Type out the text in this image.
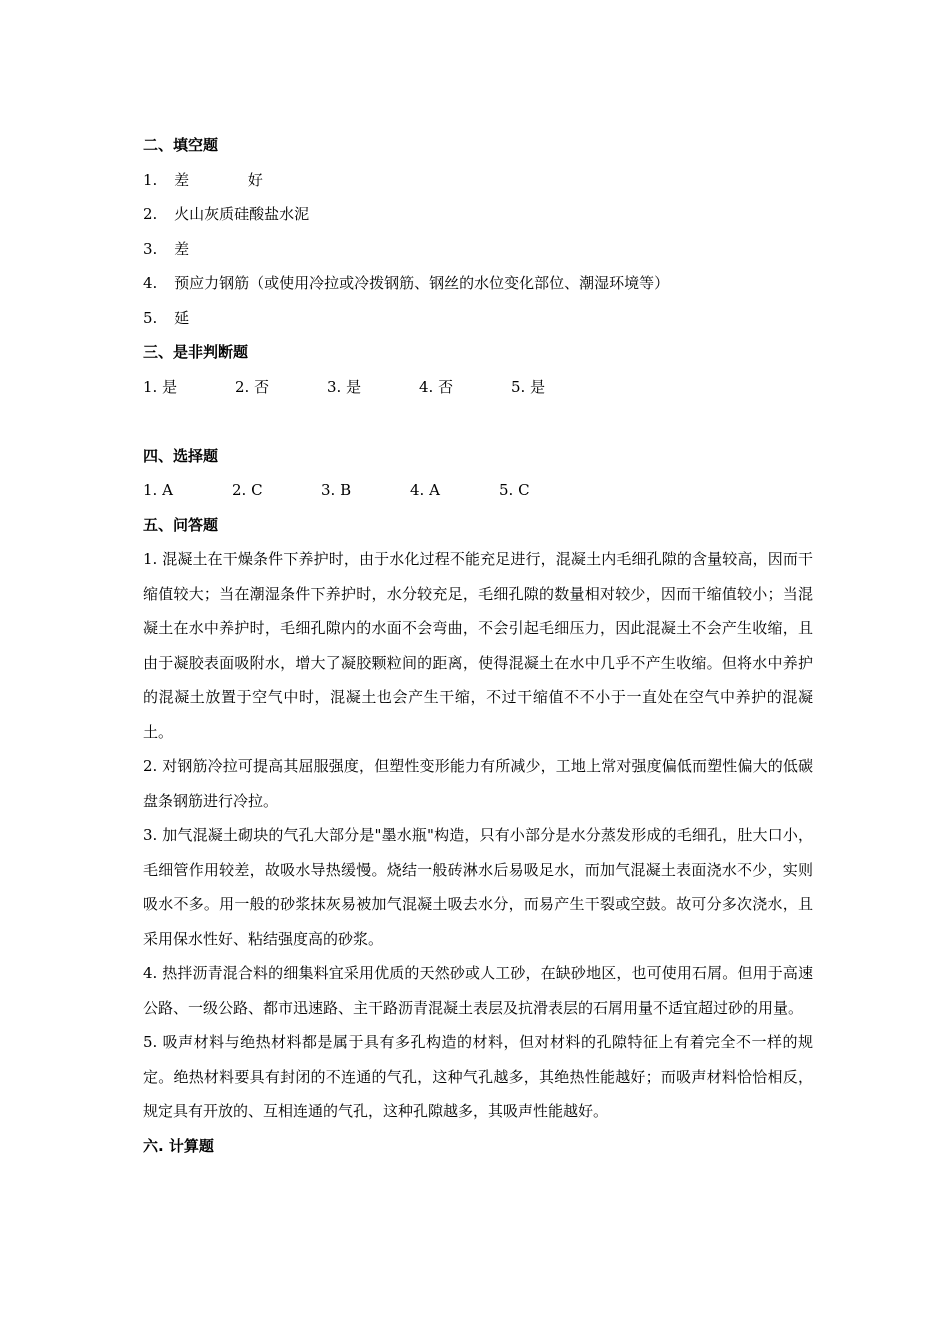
二、填空题
1. 差	好
2. 火山灰质硅酸盐水泥
3. 差
4. 预应力钢筋（或使用冷拉或冷拨钢筋、钢丝的水位变化部位、潮湿环境等）
5. 延
三、是非判断题
1. 是	2. 否	3. 是	4. 否	5. 是
四、选择题
1. A	2. C	3. B	4. A	5. C
五、问答题
1. 混凝土在干燥条件下养护时，由于水化过程不能充足进行，混凝土内毛细孔隙的含量较高，因而干缩值较大；当在潮湿条件下养护时，水分较充足，毛细孔隙的数量相对较少，因而干缩值较小；当混凝土在水中养护时，毛细孔隙内的水面不会弯曲，不会引起毛细压力，因此混凝土不会产生收缩，且由于凝胶表面吸附水，增大了凝胶颗粒间的距离，使得混凝土在水中几乎不产生收缩。但将水中养护的混凝土放置于空气中时，混凝土也会产生干缩，不过干缩值不不小于一直处在空气中养护的混凝土。
2. 对钢筋冷拉可提高其屈服强度，但塑性变形能力有所减少，工地上常对强度偏低而塑性偏大的低碳盘条钢筋进行冷拉。
3. 加气混凝土砌块的气孔大部分是"墨水瓶"构造，只有小部分是水分蒸发形成的毛细孔，肚大口小，毛细管作用较差，故吸水导热缓慢。烧结一般砖淋水后易吸足水，而加气混凝土表面浇水不少，实则吸水不多。用一般的砂浆抹灰易被加气混凝土吸去水分，而易产生干裂或空鼓。故可分多次浇水，且采用保水性好、粘结强度高的砂浆。
4. 热拌沥青混合料的细集料宜采用优质的天然砂或人工砂，在缺砂地区，也可使用石屑。但用于高速公路、一级公路、都市迅速路、主干路沥青混凝土表层及抗滑表层的石屑用量不适宜超过砂的用量。
5. 吸声材料与绝热材料都是属于具有多孔构造的材料，但对材料的孔隙特征上有着完全不一样的规定。绝热材料要具有封闭的不连通的气孔，这种气孔越多，其绝热性能越好；而吸声材料恰恰相反，规定具有开放的、互相连通的气孔，这种孔隙越多，其吸声性能越好。
六. 计算题
